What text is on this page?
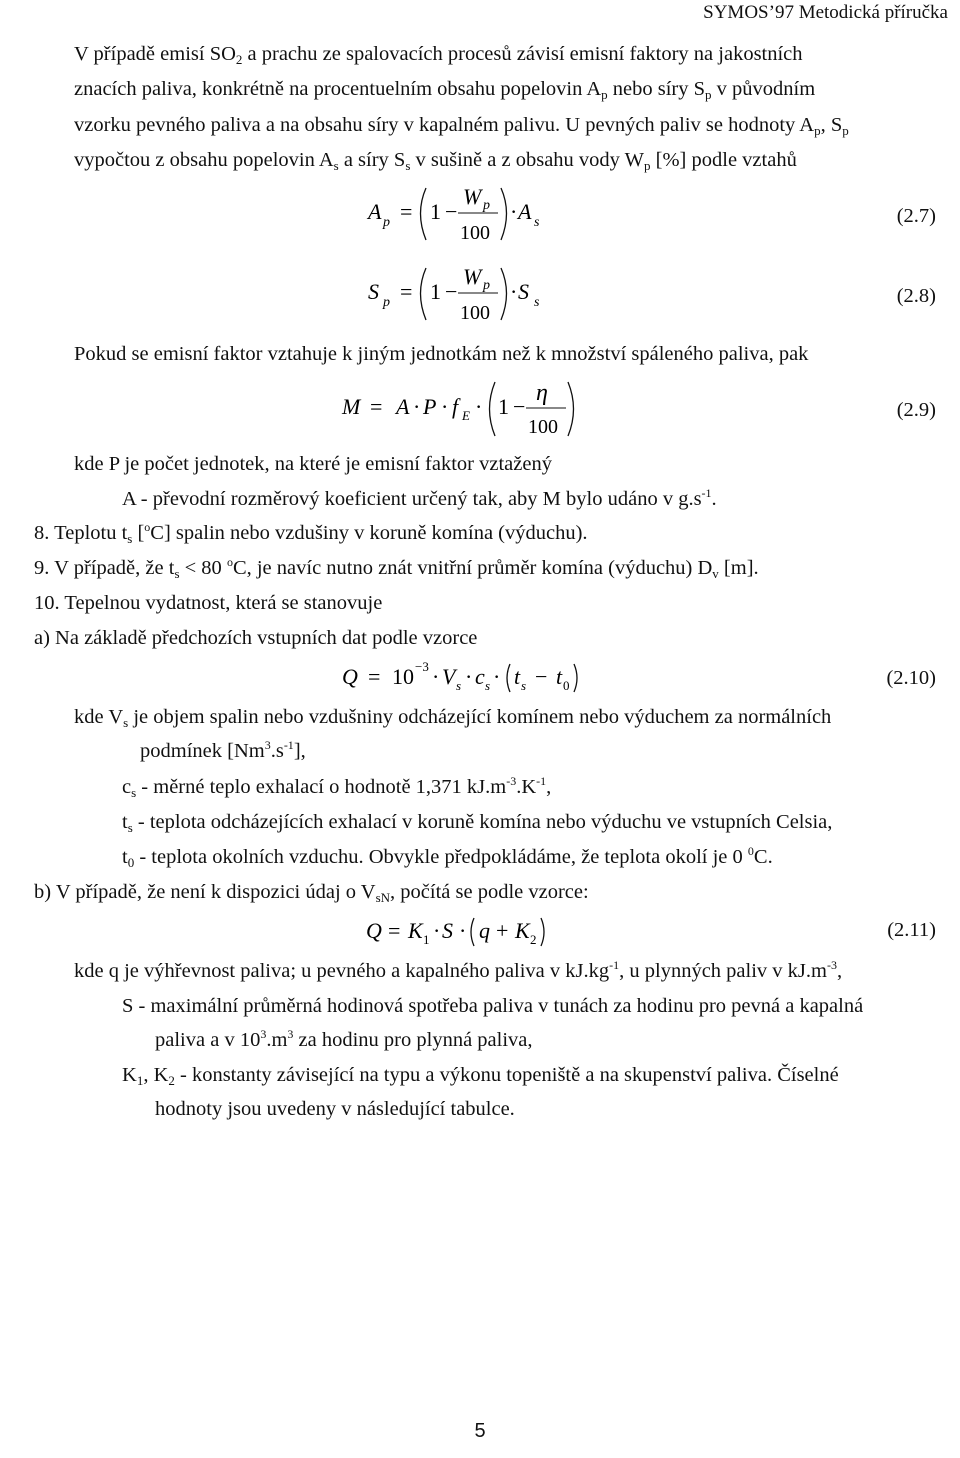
SYMOS’97 Metodická příručka
V případě emisí $SO_2$ a prachu ze spalovacích procesů závisí emisní faktory na jakostních
znacích paliva, konkrétně na procentuelním obsahu popelovin $A_p$ nebo síry $S_p$ v původním
vzorku pevného paliva a na obsahu síry v kapalném palivu. U pevných paliv se hodnoty $A_p$, $S_p$
vypočtou z obsahu popelovin $A_s$ a síry $S_s$ v sušině a z obsahu vody $W_p$ [%] podle vztahů
A p = 1 −
W p
100
· A s	(2.7)
S p = 1 −
W p
100
· S s	(2.8)
Pokud se emisní faktor vztahuje k jiným jednotkám než k množství spáleného paliva, pak
M = A · P · f E · 1 −
η
100
(2.9)
kde P je počet jednotek, na které je emisní faktor vztažený
A - převodní rozměrový koeficient určený tak, aby M bylo udáno v $g.s^{-1}$.
8. Teplotu $t_s$ [$^o$C] spalin nebo vzdušiny v koruně komína (výduchu).
9. V případě, že $t_s < 80$ $^o$C, je navíc nutno znát vnitřní průměr komína (výduchu) $D_v$ [m].
10. Tepelnou vydatnost, která se stanovuje
a) Na základě předchozích vstupních dat podle vzorce
Q = 10 −3 · V s · c s · t s − t 0	(2.10)
kde $V_s$ je objem spalin nebo vzdušniny odcházející komínem nebo výduchem za normálních
podmínek $[Nm^3.s^{-1}]$,
$c_s$ - měrné teplo exhalací o hodnotě 1,371 $kJ.m^{-3}.K^{-1}$,
$t_s$ - teplota odcházejících exhalací v koruně komína nebo výduchu ve vstupních Celsia,
$t_0$ - teplota okolních vzduchu. Obvykle předpokládáme, že teplota okolí je 0 $^0$C.
b) V případě, že není k dispozici údaj o $V_{sN}$, počítá se podle vzorce:
Q = K 1 · S · q + K 2	(2.11)
kde q je výhřevnost paliva; u pevného a kapalného paliva v $kJ.kg^{-1}$, u plynných paliv v $kJ.m^{-3}$,
S - maximální průměrná hodinová spotřeba paliva v tunách za hodinu pro pevná a kapalná
paliva a v $10^3.m^3$ za hodinu pro plynná paliva,
$K_1$, $K_2$ - konstanty závisející na typu a výkonu topeniště a na skupenství paliva. Číselné
hodnoty jsou uvedeny v následující tabulce.
5
